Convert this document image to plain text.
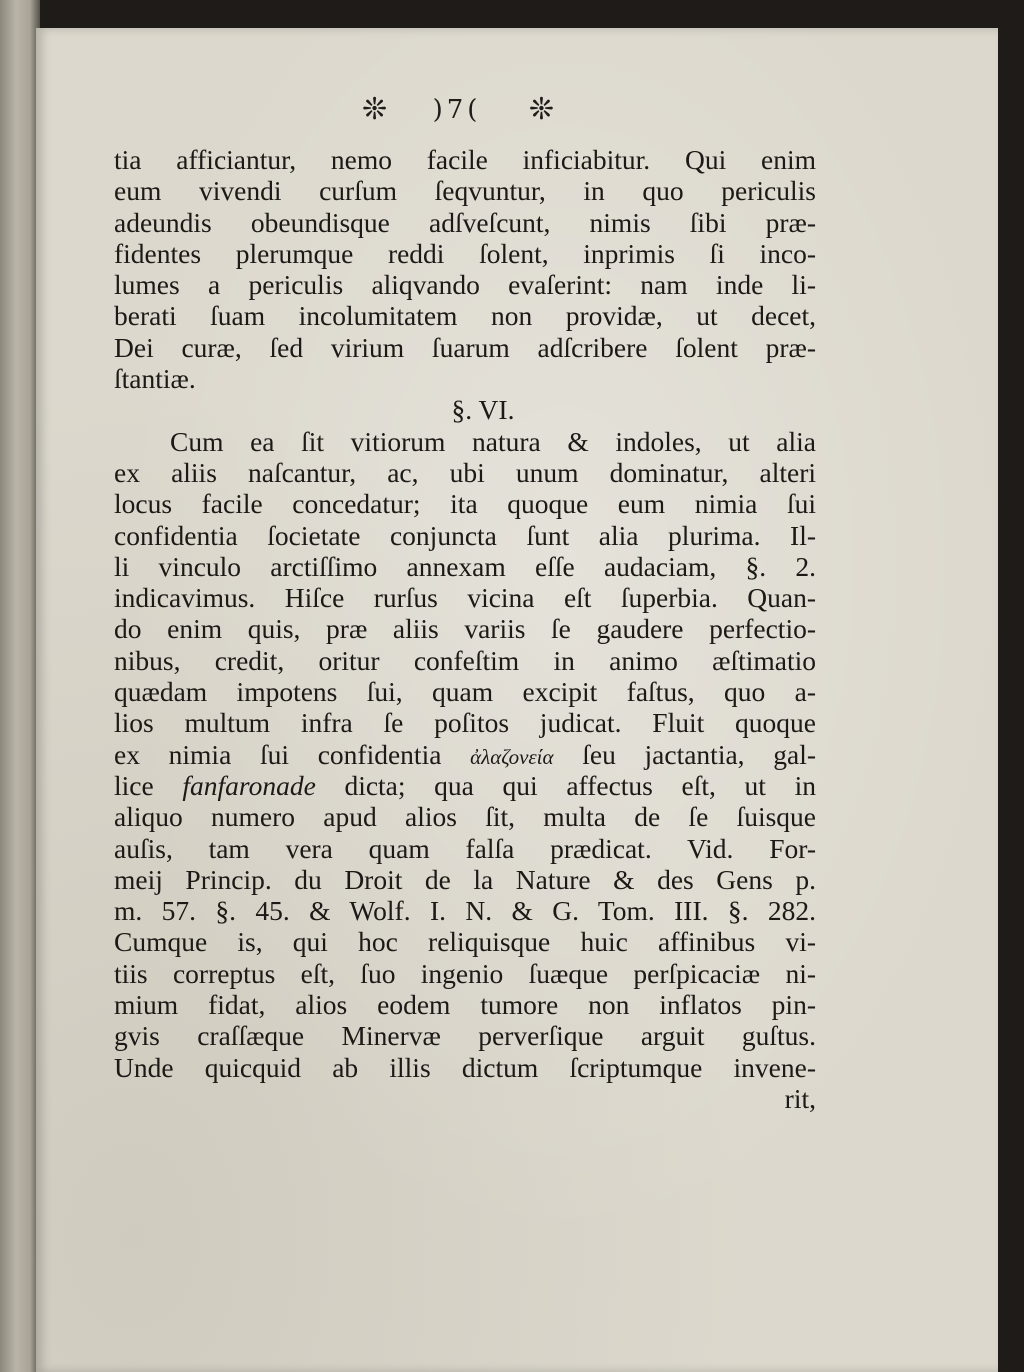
❊ )7( ❊
tia afficiantur, nemo facile inficiabitur. Qui enim
eum vivendi curſum ſeqvuntur, in quo periculis
adeundis obeundisque adſveſcunt, nimis ſibi præ-
fidentes plerumque reddi ſolent, inprimis ſi inco-
lumes a periculis aliqvando evaſerint: nam inde li-
berati ſuam incolumitatem non providæ, ut decet,
Dei curæ, ſed virium ſuarum adſcribere ſolent præ-
ſtantiæ.
§. VI.
Cum ea ſit vitiorum natura & indoles, ut alia
ex aliis naſcantur, ac, ubi unum dominatur, alteri
locus facile concedatur; ita quoque eum nimia ſui
confidentia ſocietate conjuncta ſunt alia plurima. Il-
li vinculo arctiſſimo annexam eſſe audaciam, §. 2.
indicavimus. Hiſce rurſus vicina eſt ſuperbia. Quan-
do enim quis, præ aliis variis ſe gaudere perfectio-
nibus, credit, oritur confeſtim in animo æſtimatio
quædam impotens ſui, quam excipit faſtus, quo a-
lios multum infra ſe poſitos judicat. Fluit quoque
ex nimia ſui confidentia ἀλαζονεία ſeu jactantia, gal-
lice fanfaronade dicta; qua qui affectus eſt, ut in
aliquo numero apud alios ſit, multa de ſe ſuisque
auſis, tam vera quam falſa prædicat. Vid. For-
meij Princip. du Droit de la Nature & des Gens p.
m. 57. §. 45. & Wolf. I. N. & G. Tom. III. §. 282.
Cumque is, qui hoc reliquisque huic affinibus vi-
tiis correptus eſt, ſuo ingenio ſuæque perſpicaciæ ni-
mium fidat, alios eodem tumore non inflatos pin-
gvis craſſæque Minervæ perverſique arguit guſtus.
Unde quicquid ab illis dictum ſcriptumque invene-
rit,
